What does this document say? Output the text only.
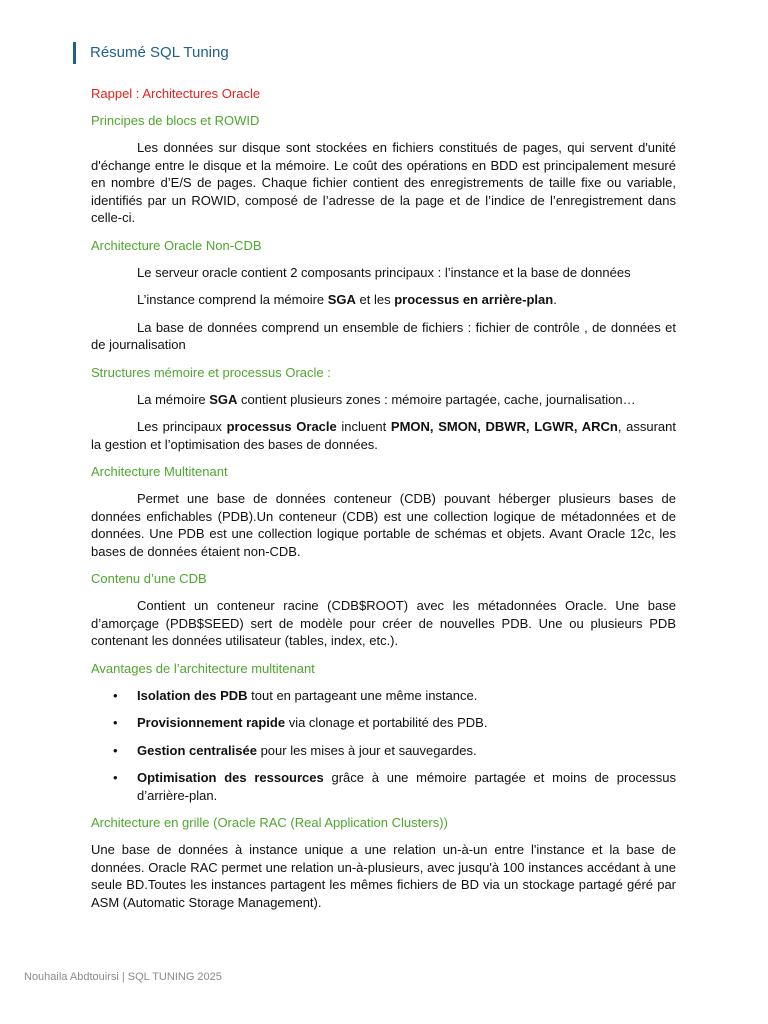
Résumé SQL Tuning
Rappel : Architectures Oracle
Principes de blocs et ROWID

Les données sur disque sont stockées en fichiers constitués de pages, qui servent d'unité d'échange entre le disque et la mémoire. Le coût des opérations en BDD est principalement mesuré en nombre d’E/S de pages. Chaque fichier contient des enregistrements de taille fixe ou variable, identifiés par un ROWID, composé de l’adresse de la page et de l’indice de l’enregistrement dans celle-ci.

Architecture Oracle Non-CDB

Le serveur oracle contient 2 composants principaux : l’instance et la base de données

L’instance comprend la mémoire SGA et les processus en arrière-plan.

La base de données comprend un ensemble de fichiers : fichier de contrôle , de données et de journalisation

Structures mémoire et processus Oracle :

La mémoire SGA contient plusieurs zones : mémoire partagée, cache, journalisation…

Les principaux processus Oracle incluent PMON, SMON, DBWR, LGWR, ARCn, assurant la gestion et l’optimisation des bases de données.

Architecture Multitenant

Permet une base de données conteneur (CDB) pouvant héberger plusieurs bases de données enfichables (PDB).Un conteneur (CDB) est une collection logique de métadonnées et de données. Une PDB est une collection logique portable de schémas et objets. Avant Oracle 12c, les bases de données étaient non-CDB.

Contenu d’une CDB

Contient un conteneur racine (CDB$ROOT) avec les métadonnées Oracle. Une base d’amorçage (PDB$SEED) sert de modèle pour créer de nouvelles PDB. Une ou plusieurs PDB contenant les données utilisateur (tables, index, etc.).

Avantages de l’architecture multitenant
• Isolation des PDB tout en partageant une même instance.
• Provisionnement rapide via clonage et portabilité des PDB.
• Gestion centralisée pour les mises à jour et sauvegardes.
• Optimisation des ressources grâce à une mémoire partagée et moins de processus d’arrière-plan.
Architecture en grille (Oracle RAC (Real Application Clusters))

Une base de données à instance unique a une relation un-à-un entre l'instance et la base de données. Oracle RAC permet une relation un-à-plusieurs, avec jusqu'à 100 instances accédant à une seule BD.Toutes les instances partagent les mêmes fichiers de BD via un stockage partagé géré par ASM (Automatic Storage Management).

Nouhaila Abdtouirsi | SQL TUNING 2025
